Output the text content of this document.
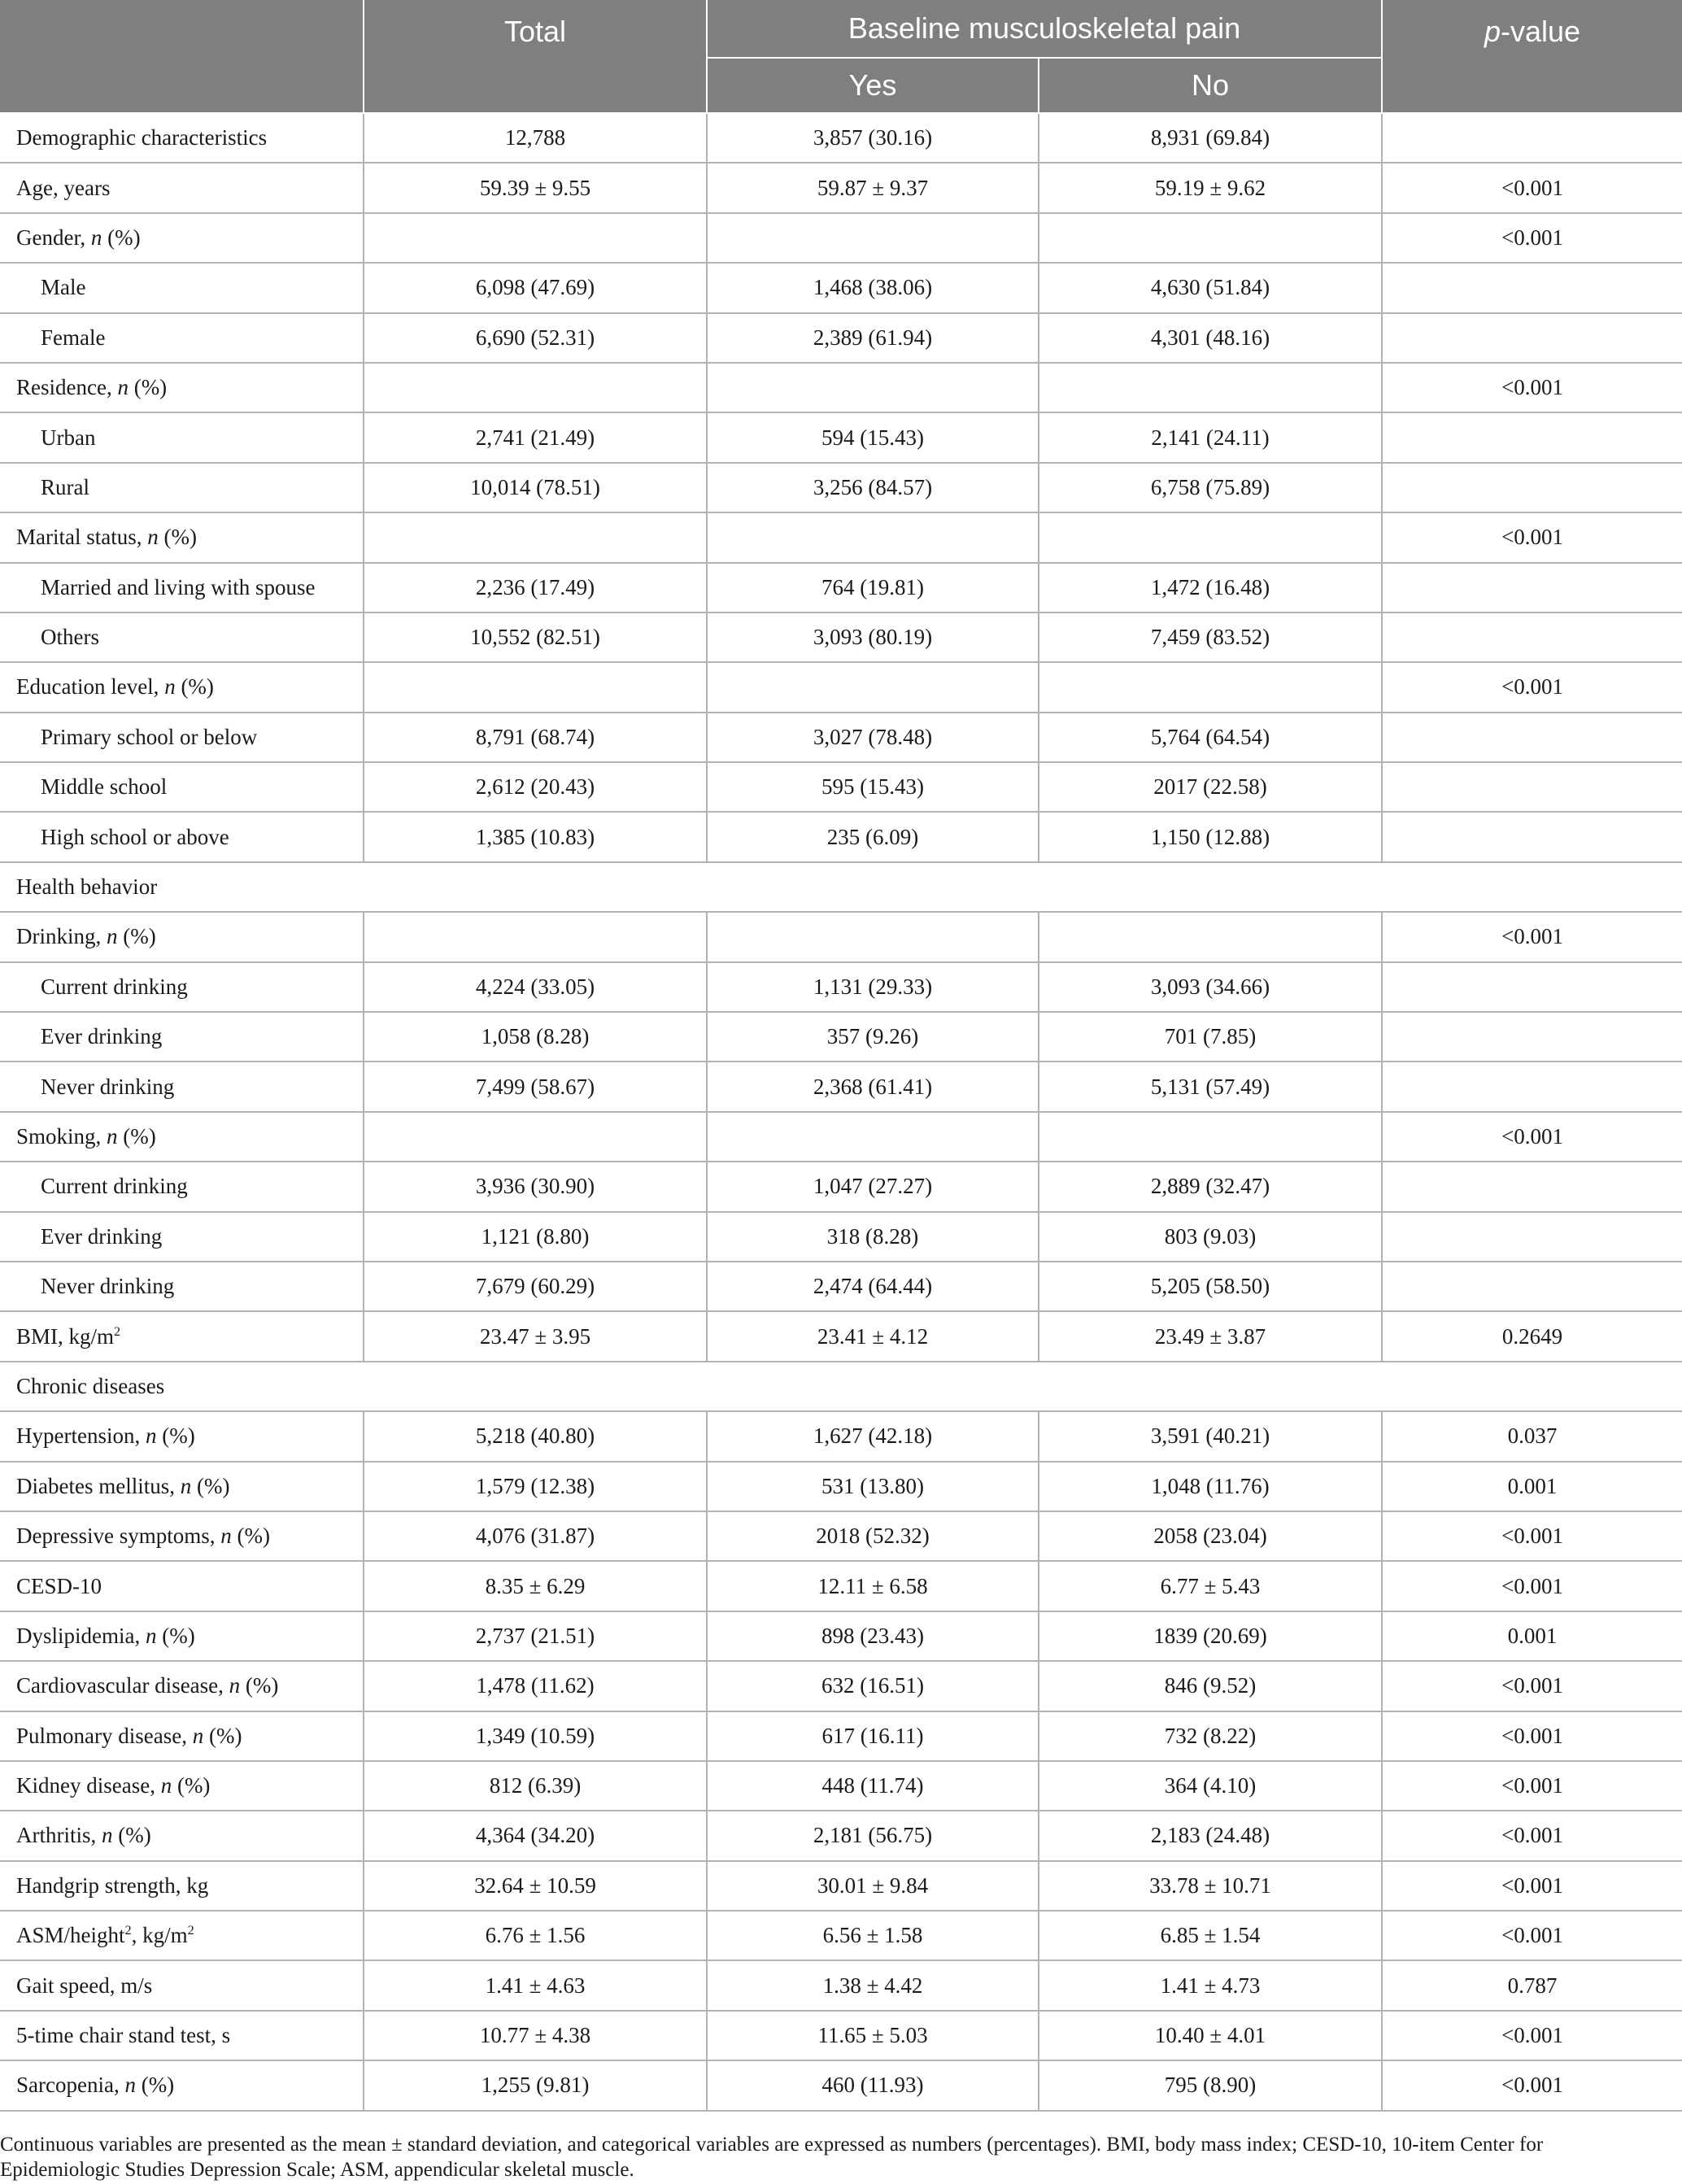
	Total	Baseline musculoskeletal pain		p-value
		Yes	No	
Demographic characteristics	12,788	3,857 (30.16)	8,931 (69.84)	
Age, years	59.39 ± 9.55	59.87 ± 9.37	59.19 ± 9.62	<0.001
Gender, n (%)				<0.001
Male	6,098 (47.69)	1,468 (38.06)	4,630 (51.84)	
Female	6,690 (52.31)	2,389 (61.94)	4,301 (48.16)	
Residence, n (%)				<0.001
Urban	2,741 (21.49)	594 (15.43)	2,141 (24.11)	
Rural	10,014 (78.51)	3,256 (84.57)	6,758 (75.89)	
Marital status, n (%)				<0.001
Married and living with spouse	2,236 (17.49)	764 (19.81)	1,472 (16.48)	
Others	10,552 (82.51)	3,093 (80.19)	7,459 (83.52)	
Education level, n (%)				<0.001
Primary school or below	8,791 (68.74)	3,027 (78.48)	5,764 (64.54)	
Middle school	2,612 (20.43)	595 (15.43)	2017 (22.58)	
High school or above	1,385 (10.83)	235 (6.09)	1,150 (12.88)	
Health behavior				
Drinking, n (%)				<0.001
Current drinking	4,224 (33.05)	1,131 (29.33)	3,093 (34.66)	
Ever drinking	1,058 (8.28)	357 (9.26)	701 (7.85)	
Never drinking	7,499 (58.67)	2,368 (61.41)	5,131 (57.49)	
Smoking, n (%)				<0.001
Current drinking	3,936 (30.90)	1,047 (27.27)	2,889 (32.47)	
Ever drinking	1,121 (8.80)	318 (8.28)	803 (9.03)	
Never drinking	7,679 (60.29)	2,474 (64.44)	5,205 (58.50)	
BMI, $kg/m^2$	23.47 ± 3.95	23.41 ± 4.12	23.49 ± 3.87	0.2649
Chronic diseases				
Hypertension, n (%)	5,218 (40.80)	1,627 (42.18)	3,591 (40.21)	0.037
Diabetes mellitus, n (%)	1,579 (12.38)	531 (13.80)	1,048 (11.76)	0.001
Depressive symptoms, n (%)	4,076 (31.87)	2018 (52.32)	2058 (23.04)	<0.001
CESD-10	8.35 ± 6.29	12.11 ± 6.58	6.77 ± 5.43	<0.001
Dyslipidemia, n (%)	2,737 (21.51)	898 (23.43)	1839 (20.69)	0.001
Cardiovascular disease, n (%)	1,478 (11.62)	632 (16.51)	846 (9.52)	<0.001
Pulmonary disease, n (%)	1,349 (10.59)	617 (16.11)	732 (8.22)	<0.001
Kidney disease, n (%)	812 (6.39)	448 (11.74)	364 (4.10)	<0.001
Arthritis, n (%)	4,364 (34.20)	2,181 (56.75)	2,183 (24.48)	<0.001
Handgrip strength, kg	32.64 ± 10.59	30.01 ± 9.84	33.78 ± 10.71	<0.001
ASM/height$^2$, $kg/m^2$	6.76 ± 1.56	6.56 ± 1.58	6.85 ± 1.54	<0.001
Gait speed, m/s	1.41 ± 4.63	1.38 ± 4.42	1.41 ± 4.73	0.787
5-time chair stand test, s	10.77 ± 4.38	11.65 ± 5.03	10.40 ± 4.01	<0.001
Sarcopenia, n (%)	1,255 (9.81)	460 (11.93)	795 (8.90)	<0.001

Continuous variables are presented as the mean ± standard deviation, and categorical variables are expressed as numbers (percentages). BMI, body mass index; CESD-10, 10-item Center for

Epidemiologic Studies Depression Scale; ASM, appendicular skeletal muscle.
